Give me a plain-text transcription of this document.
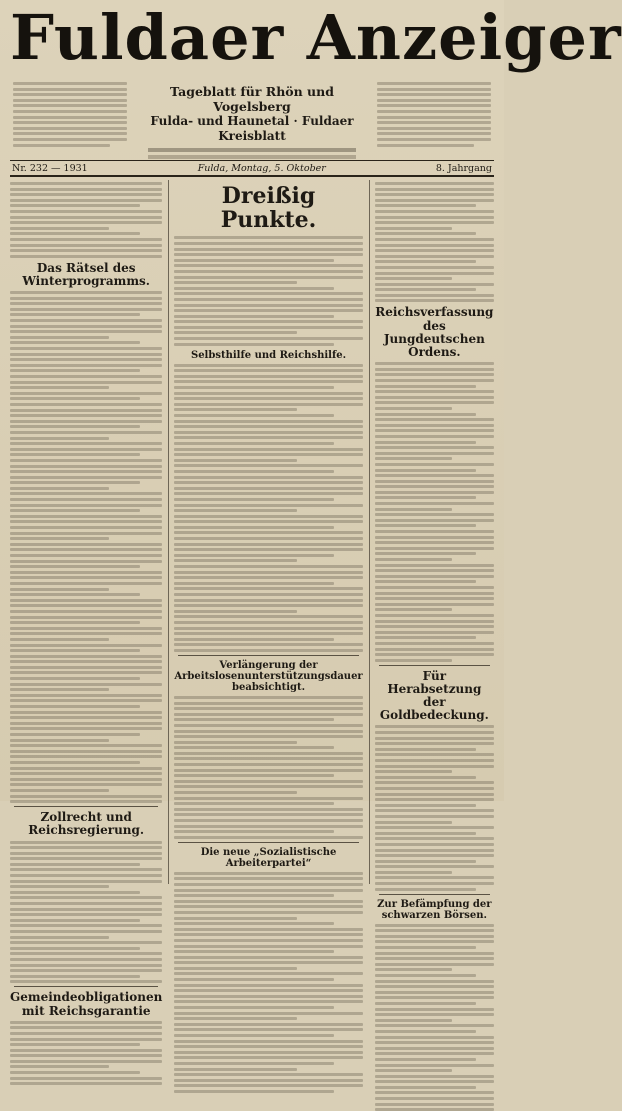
Fuldaer Anzeiger
Tageblatt für Rhön und Vogelsberg
Fulda- und Haunetal · Fuldaer Kreisblatt
Nr. 232 — 1931	Fulda, Montag, 5. Oktober	8. Jahrgang
Das Rätsel des Winterprogramms.
Zollrecht und Reichsregierung.
Gemeindeobligationen mit Reichsgarantie
Dreißig Punkte.
Selbsthilfe und Reichshilfe.
Verlängerung der Arbeitslosenunterstützungsdauer beabsichtigt.
Die neue „Sozialistische Arbeiterpartei“
Reichsverfassung des Jungdeutschen Ordens.
Für Herabsetzung der Goldbedeckung.
Zur Befämpfung der schwarzen Börsen.
